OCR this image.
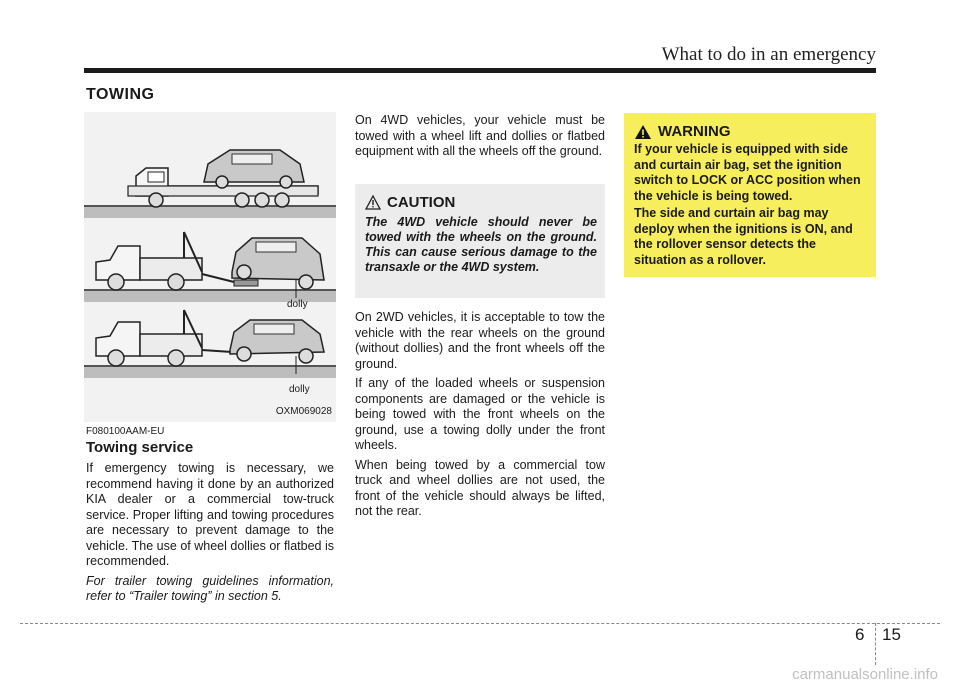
What to do in an emergency
TOWING
dolly
dolly
OXM069028
F080100AAM-EU
Towing service

If emergency towing is necessary, we recommend having it done by an authorized KIA dealer or a commercial tow-truck service. Proper lifting and towing procedures are necessary to prevent damage to the vehicle. The use of wheel dollies or flatbed is recommended.

For trailer towing guidelines information, refer to “Trailer towing” in section 5.

On 4WD vehicles, your vehicle must be towed with a wheel lift and dollies or flatbed equipment with all the wheels off the ground.

CAUTION
The 4WD vehicle should never be towed with the wheels on the ground. This can cause serious damage to the transaxle or the 4WD system.

On 2WD vehicles, it is acceptable to tow the vehicle with the rear wheels on the ground (without dollies) and the front wheels off the ground.

If any of the loaded wheels or suspension components are damaged or the vehicle is being towed with the front wheels on the ground, use a towing dolly under the front wheels.

When being towed by a commercial tow truck and wheel dollies are not used, the front of the vehicle should always be lifted, not the rear.

WARNING

If your vehicle is equipped with side and curtain air bag, set the ignition switch to LOCK or ACC position when the vehicle is being towed.

The side and curtain air bag may deploy when the ignitions is ON, and the rollover sensor detects the situation as a rollover.

6 15
carmanualsonline.info
